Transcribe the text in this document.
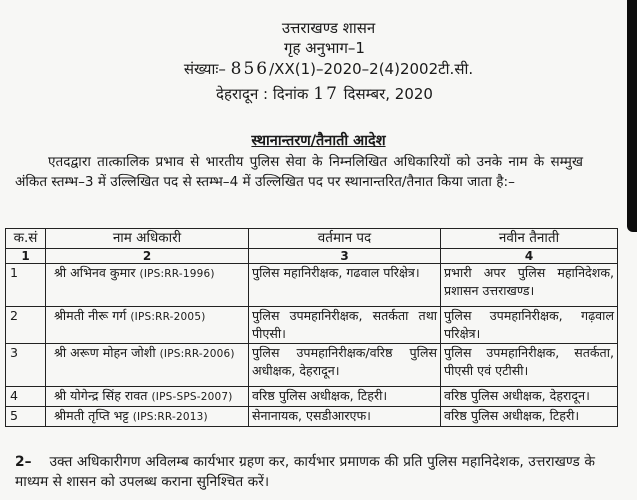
उत्तराखण्ड शासन
गृह अनुभाग–1
संख्याः– 856/XX(1)–2020–2(4)2002टी.सी.
देहरादून : दिनांक 17 दिसम्बर, 2020
स्थानान्तरण/तैनाती आदेश
एतदद्वारा तात्कालिक प्रभाव से भारतीय पुलिस सेवा के निम्नलिखित अधिकारियों को उनके नाम के सम्मुख अंकित स्तम्भ–3 में उल्लिखित पद से स्तम्भ–4 में उल्लिखित पद पर स्थानान्तरित/तैनात किया जाता है:–
क.सं	नाम अधिकारी	वर्तमान पद	नवीन तैनाती
1	2	3	4
1	श्री अभिनव कुमार (IPS:RR-1996)	पुलिस महानिरीक्षक, गढवाल परिक्षेत्र।	प्रभारी अपर पुलिस महानिदेशक, प्रशासन उत्तराखण्ड।
2	श्रीमती नीरू गर्ग (IPS:RR-2005)	पुलिस उपमहानिरीक्षक, सतर्कता तथा पीएसी।	पुलिस उपमहानिरीक्षक, गढ़वाल परिक्षेत्र।
3	श्री अरूण मोहन जोशी (IPS:RR-2006)	पुलिस उपमहानिरीक्षक/वरिष्ठ पुलिस अधीक्षक, देहरादून।	पुलिस उपमहानिरीक्षक, सतर्कता, पीएसी एवं एटीसी।
4	श्री योगेन्द्र सिंह रावत (IPS-SPS-2007)	वरिष्ठ पुलिस अधीक्षक, टिहरी।	वरिष्ठ पुलिस अधीक्षक, देहरादून।
5	श्रीमती तृप्ति भट्ट (IPS:RR-2013)	सेनानायक, एसडीआरएफ।	वरिष्ठ पुलिस अधीक्षक, टिहरी।
2– उक्त अधिकारीगण अविलम्ब कार्यभार ग्रहण कर, कार्यभार प्रमाणक की प्रति पुलिस महानिदेशक, उत्तराखण्ड के माध्यम से शासन को उपलब्ध कराना सुनिश्चित करें।
